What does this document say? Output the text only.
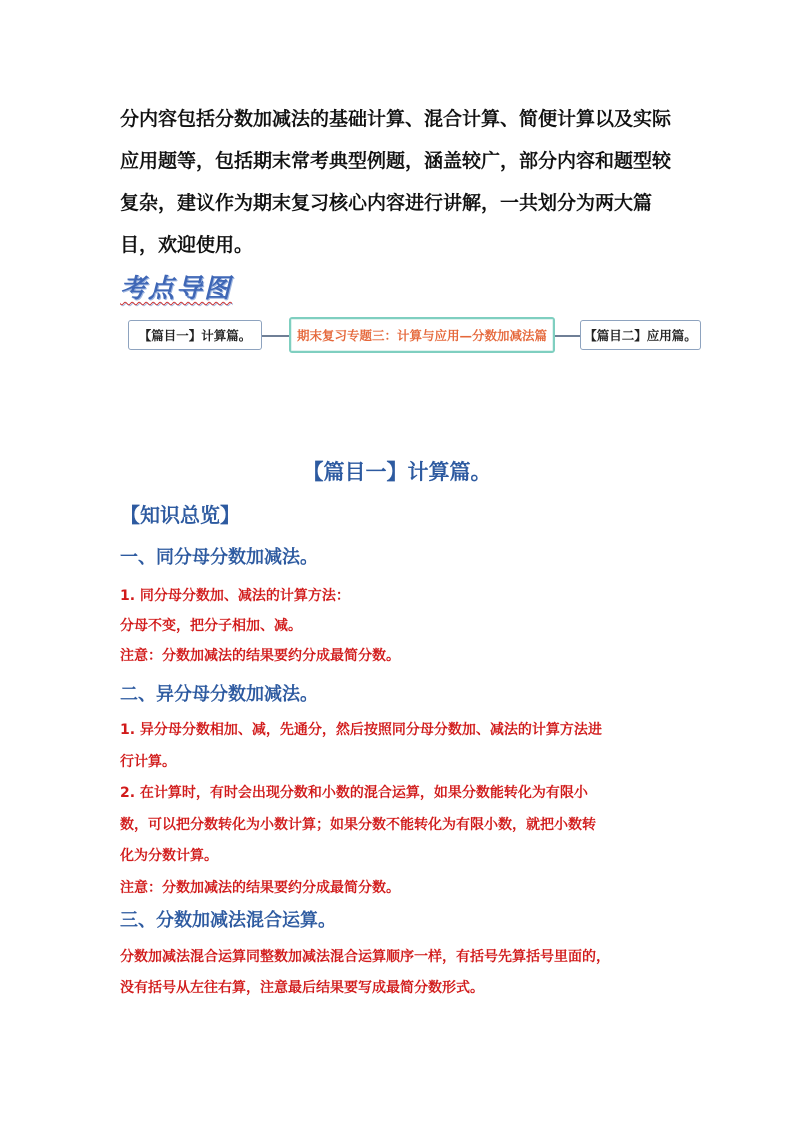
分内容包括分数加减法的基础计算、混合计算、简便计算以及实际

应用题等，包括期末常考典型例题，涵盖较广，部分内容和题型较

复杂，建议作为期末复习核心内容进行讲解，一共划分为两大篇

目，欢迎使用。

考点导图
【篇目一】计算篇。	期末复习专题三：计算与应用—分数加减法篇	【篇目二】应用篇。
【篇目一】计算篇。
【知识总览】
一、同分母分数加减法。

1. 同分母分数加、减法的计算方法：

分母不变，把分子相加、减。

注意：分数加减法的结果要约分成最简分数。

二、异分母分数加减法。

1. 异分母分数相加、减，先通分，然后按照同分母分数加、减法的计算方法进

行计算。

2. 在计算时，有时会出现分数和小数的混合运算，如果分数能转化为有限小

数，可以把分数转化为小数计算；如果分数不能转化为有限小数，就把小数转

化为分数计算。

注意：分数加减法的结果要约分成最简分数。

三、分数加减法混合运算。

分数加减法混合运算同整数加减法混合运算顺序一样，有括号先算括号里面的，

没有括号从左往右算，注意最后结果要写成最简分数形式。
